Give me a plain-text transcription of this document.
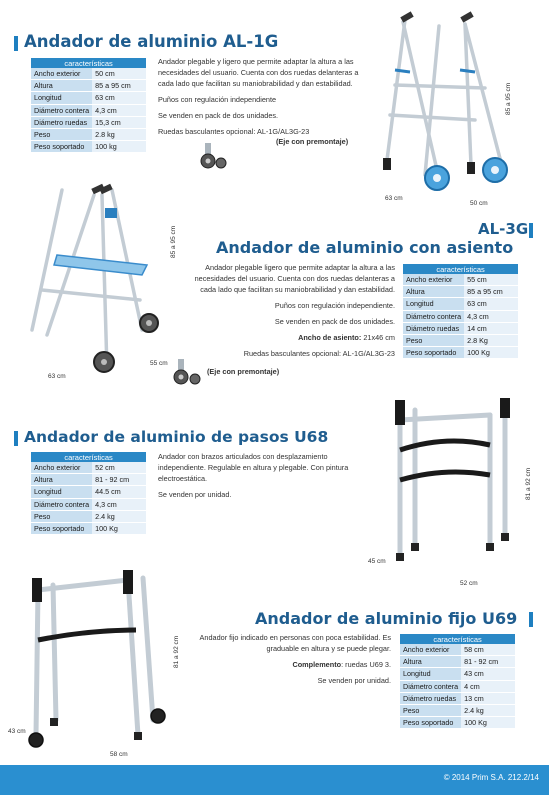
Andador de aluminio AL-1G
características	
Ancho exterior	50 cm
Altura	85 a 95 cm
Longitud	63 cm
Diámetro contera	4,3 cm
Diámetro ruedas	15,3 cm
Peso	2.8 kg
Peso soportado	100 kg

Andador plegable y ligero que permite adaptar la altura a las necesidades del usuario. Cuenta con dos ruedas delanteras a cada lado que facilitan su maniobrabilidad y dan estabilidad.

Puños con regulación independiente

Se venden en pack de dos unidades.

Ruedas basculantes opcional: AL-1G/AL3G-23

(Eje con premontaje)
85 a 95 cm
63 cm
50 cm
AL-3G
Andador de aluminio con asiento
85 a 95 cm
55 cm
63 cm

Andador plegable ligero que permite adaptar la altura a las necesidades del usuario. Cuenta con dos ruedas delanteras a cada lado que facilitan su maniobrabilidad y dan estabilidad.

Puños con regulación independiente.

Se venden en pack de dos unidades.

Ancho de asiento: 21x46 cm

Ruedas basculantes opcional: AL-1G/AL3G-23

(Eje con premontaje)
características	
Ancho exterior	55 cm
Altura	85 a 95 cm
Longitud	63 cm
Diámetro contera	4,3 cm
Diámetro ruedas	14 cm
Peso	2.8 Kg
Peso soportado	100 Kg
Andador de aluminio de pasos U68
características	
Ancho exterior	52 cm
Altura	81 - 92 cm
Longitud	44.5 cm
Diámetro contera	4,3 cm
Peso	2.4 kg
Peso soportado	100 Kg

Andador con brazos articulados con desplazamiento independiente. Regulable en altura y plegable. Con pintura electroestática.

Se venden por unidad.	81 a 92 cm
45 cm
52 cm
Andador de aluminio fijo U69
81 a 92 cm
43 cm
58 cm

Andador fijo indicado en personas con poca estabilidad. Es graduable en altura y se puede plegar.

Complemento: ruedas U69 3.

Se venden por unidad.

características	
Ancho exterior	58 cm
Altura	81 - 92 cm
Longitud	43 cm
Diámetro contera	4 cm
Diámetro ruedas	13 cm
Peso	2.4 kg
Peso soportado	100 Kg
© 2014 Prim S.A. 212.2/14
